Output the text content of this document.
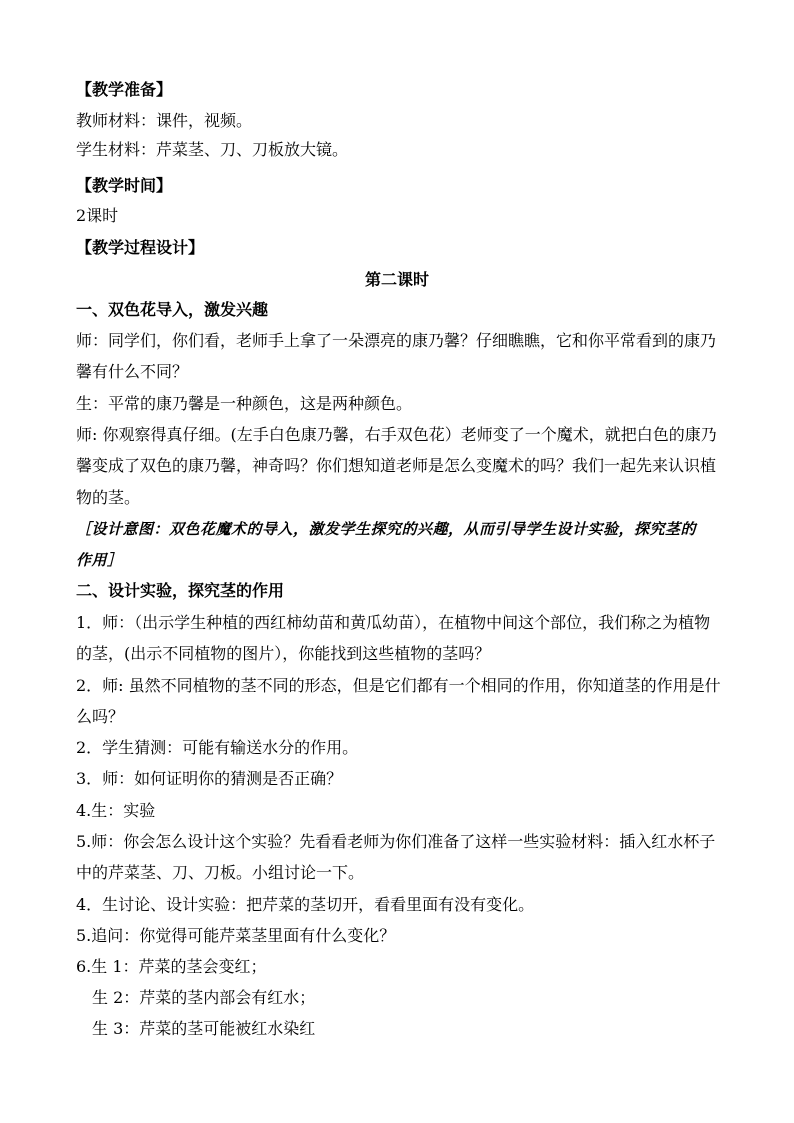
【教学准备】
教师材料：课件，视频。
学生材料：芹菜茎、刀、刀板放大镜。
【教学时间】
2课时
【教学过程设计】
第二课时
一、双色花导入，激发兴趣
师：同学们，你们看，老师手上拿了一朵漂亮的康乃馨？仔细瞧瞧，它和你平常看到的康乃
馨有什么不同？
生：平常的康乃馨是一种颜色，这是两种颜色。
师: 你观察得真仔细。(左手白色康乃馨，右手双色花）老师变了一个魔术，就把白色的康乃
馨变成了双色的康乃馨，神奇吗？你们想知道老师是怎么变魔术的吗？我们一起先来认识植
物的茎。
［设计意图：双色花魔术的导入，激发学生探究的兴趣，从而引导学生设计实验，探究茎的
作用］
二、设计实验，探究茎的作用
1．师：（出示学生种植的西红柿幼苗和黄瓜幼苗），在植物中间这个部位，我们称之为植物
的茎，(出示不同植物的图片），你能找到这些植物的茎吗？
2．师: 虽然不同植物的茎不同的形态，但是它们都有一个相同的作用，你知道茎的作用是什
么吗？
2．学生猜测：可能有输送水分的作用。
3．师：如何证明你的猜测是否正确？
4.生：实验
5.师：你会怎么设计这个实验？先看看老师为你们准备了这样一些实验材料：插入红水杯子
中的芹菜茎、刀、刀板。小组讨论一下。
4．生讨论、设计实验：把芹菜的茎切开，看看里面有没有变化。
5.追问：你觉得可能芹菜茎里面有什么变化？
6.生 1：芹菜的茎会变红；
生 2：芹菜的茎内部会有红水；
生 3：芹菜的茎可能被红水染红
